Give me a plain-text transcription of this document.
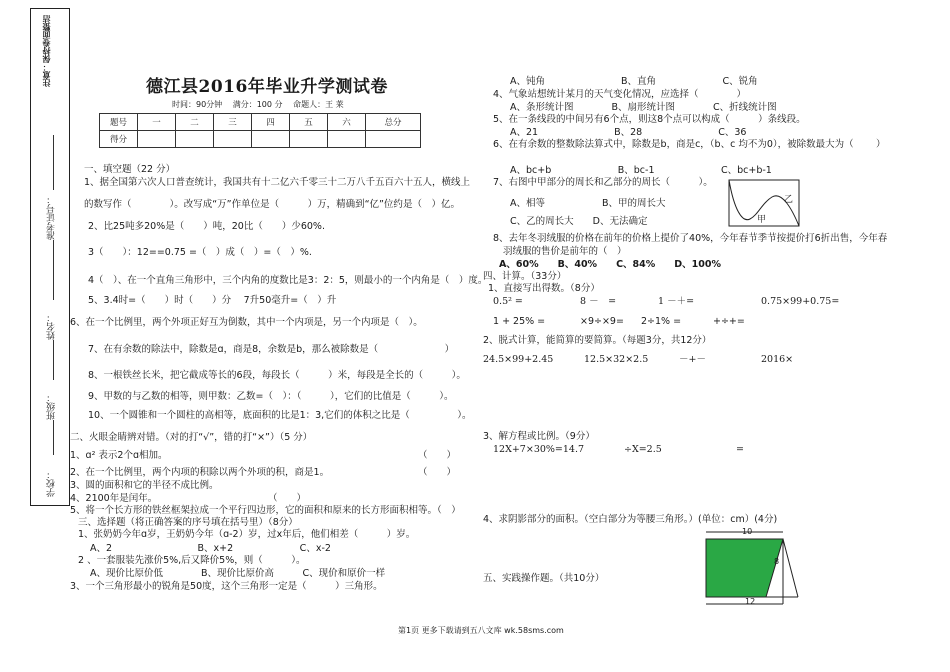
注意：保持卷面整洁
准考证号：
姓名：
班级：
学校：
德江县2016年毕业升学测试卷
时间：90分钟　 满分：100 分　 命题人：王 莱
题号	一	二	三	四	五	六	总分
得分							
一、填空题（22 分）
1、据全国第六次人口普查统计，我国共有十二亿六千零三十二万八千五百六十五人，横线上
的数写作（　　　　）。改写成“万”作单位是（　　　）万，精确到“亿”位约是（　）亿。
2、比25吨多20%是（　　）吨，20比（　　）少60%.
3（　　）：12==0.75 =（　）成（　）=（　）%.
4（　）、在一个直角三角形中，三个内角的度数比是3：2：5，则最小的一个内角是（　）度。
5、3.4时=（　　）时（　　）分　 7升50毫升=（　）升
6、在一个比例里，两个外项正好互为倒数，其中一个内项是，另一个内项是（　）。
7、在有余数的除法中，除数是ɑ，商是8，余数是b，那么被除数是（　　　　　　　）
8、一根铁丝长米，把它截成等长的6段，每段长（　　　）米，每段是全长的（　　　）。
9、甲数的与乙数的相等，则甲数：乙数=（　）：（　　　），它们的比值是（　　　）。
10、一个圆锥和一个圆柱的高相等，底面积的比是1：3,它们的体积之比是（　　　　　）。
二、火眼金睛辨对错。（对的打“√”，错的打“×”）（5 分）
1、ɑ² 表示2个ɑ相加。	（　　）
2、在一个比例里，两个内项的积除以两个外项的积，商是1。	（　　）
3、圆的面积和它的半径不成比例。
4、2100年是闰年。	（　　）
5、将一个长方形的铁丝框架拉成一个平行四边形，它的面积和原来的长方形面积相等。（　）
三、选择题（将正确答案的序号填在括号里）（8分）
1、张奶奶今年ɑ岁，王奶奶今年（ɑ-2）岁，过x年后，他们相差（　　　）岁。
A、2　　　　　　　　　B、x+2　　　　　　　C、x-2
2 、一套服装先涨价5%,后又降价5%，则（　　　）。
A、现价比原价低　　　　B、现价比原价高　　　C、现价和原价一样
3、一个三角形最小的锐角是50度，这个三角形一定是（　　　）三角形。
A、钝角　　　　　　　　B、直角　　　　　　　C、锐角
4、气象站想统计某月的天气变化情况，应选择（　　　　）
A、条形统计图　　　　B、扇形统计图　　　　C、折线统计图
5、在一条线段的中间另有6个点，则这8个点可以构成（　　　）条线段。
A、21　　　　　　　　B、28　　　　　　　　C、36
6、在有余数的整数除法算式中，除数是b，商是c，（b、c 均不为0），被除数最大为（ ）
A、bc+b　　　　　　　B、bc-1　　　　　　　C、bc+b-1
7、右图中甲部分的周长和乙部分的周长（　　　）。
A、相等　　　　　　B、甲的周长大
C、乙的周长大　　D、无法确定	甲
乙
8、去年冬羽绒服的价格在前年的价格上提价了40%，今年春节季节按提价打6折出售，今年春
羽绒服的售价是前年的（　）
A、60%　　B、40%　　C、84%　　D、100%
四、计算。（33分）
1、直接写出得数。（8分）
0.5² =	8 －　=	1 －＋=	0.75×99+0.75=
1 + 25% =	×9÷×9= 2÷1% =	+÷+=
2、脱式计算，能简算的要简算。（每题3分，共12分）
24.5×99+2.45	12.5×32×2.5	－+－	2016×
3、解方程或比例。（9分）
12X+7×30%=14.7	÷X=2.5	=
4、求阴影部分的面积。（空白部分为等腰三角形。）(单位：cm）(4分)
五、实践操作题。（共10分）
10
8
12
第1页 更多下载请到五八文库 wk.58sms.com
